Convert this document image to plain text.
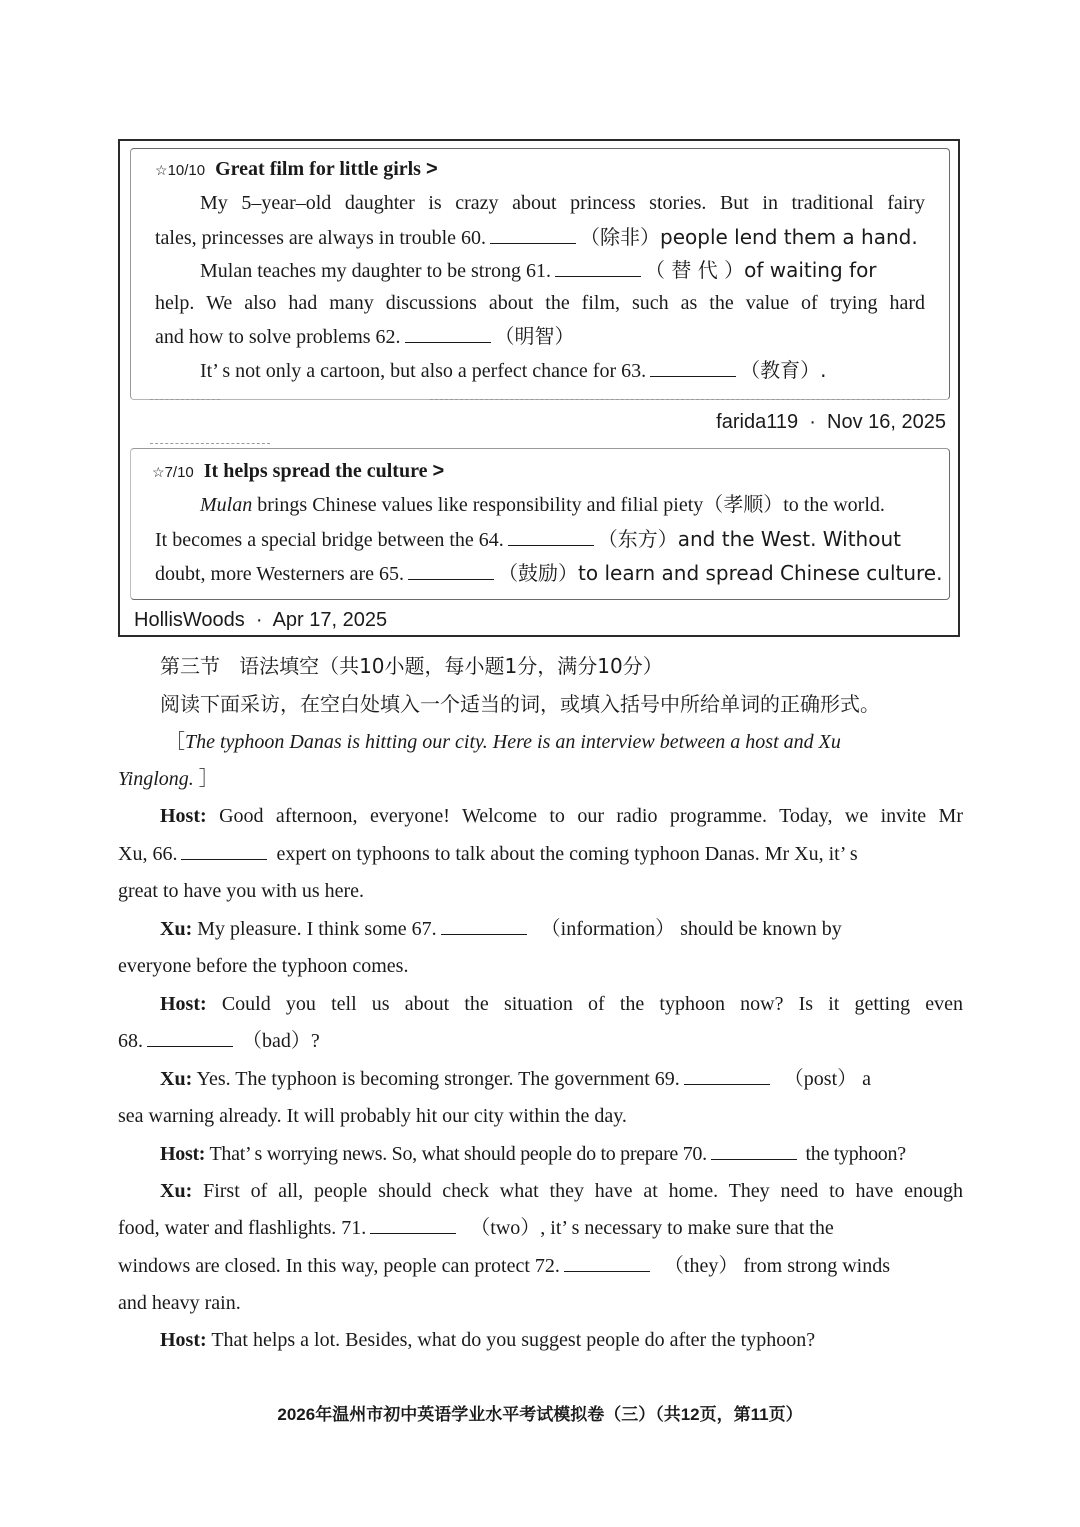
☆10/10 Great film for little girls >
My 5–year–old daughter is crazy about princess stories. But in traditional fairy
tales, princesses are always in trouble 60.	（除非）people lend them a hand.
Mulan teaches my daughter to be strong 61.	（ 替 代 ）of waiting for
help. We also had many discussions about the film, such as the value of trying hard
and how to solve problems 62.	（明智）
It’ s not only a cartoon, but also a perfect chance for 63.	（教育）.
farida119 · Nov 16, 2025
☆7/10 It helps spread the culture >
Mulan brings Chinese values like responsibility and filial piety（孝顺）to the world.
It becomes a special bridge between the 64.	（东方）and the West. Without
doubt, more Westerners are 65.	（鼓励）to learn and spread Chinese culture.
HollisWoods · Apr 17, 2025
第三节 语法填空（共10小题，每小题1分，满分10分）
阅读下面采访，在空白处填入一个适当的词，或填入括号中所给单词的正确形式。
［The typhoon Danas is hitting our city. Here is an interview between a host and Xu
Yinglong. ］
Host: Good afternoon, everyone! Welcome to our radio programme. Today, we invite Mr
Xu, 66.	expert on typhoons to talk about the coming typhoon Danas. Mr Xu, it’ s
great to have you with us here.
Xu: My pleasure. I think some 67.	（information） should be known by
everyone before the typhoon comes.
Host: Could you tell us about the situation of the typhoon now? Is it getting even
68.	（bad）?
Xu: Yes. The typhoon is becoming stronger. The government 69.	（post） a
sea warning already. It will probably hit our city within the day.
Host: That’ s worrying news. So, what should people do to prepare 70.	the typhoon?
Xu: First of all, people should check what they have at home. They need to have enough
food, water and flashlights. 71.	（two）, it’ s necessary to make sure that the
windows are closed. In this way, people can protect 72.	（they） from strong winds
and heavy rain.
Host: That helps a lot. Besides, what do you suggest people do after the typhoon?
2026年温州市初中英语学业水平考试模拟卷（三）（共12页，第11页）
